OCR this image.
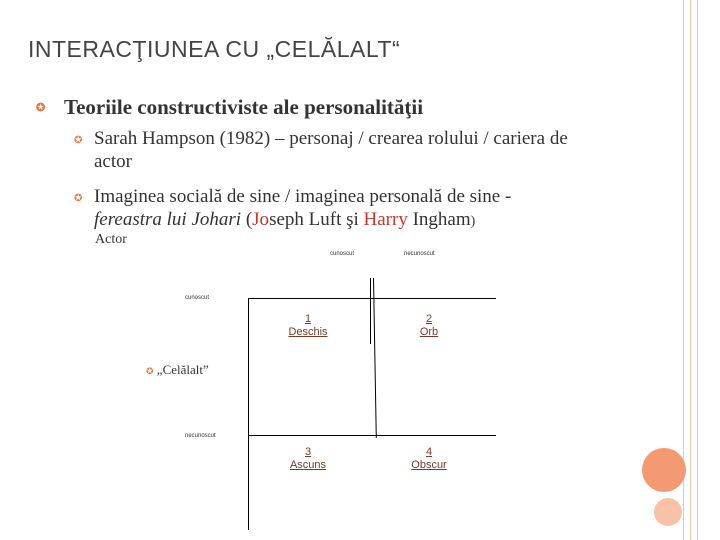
INTERACŢIUNEA CU „CELĂLALT“
✪ Teoriile constructiviste ale personalităţii
✪ Sarah Hampson (1982) – personaj / crearea rolului / cariera de
actor
✪ Imaginea socială de sine / imaginea personală de sine -
fereastra lui Johari (Joseph Luft şi Harry Ingham)
Actor
cunoscut	necunoscut
cunoscut
necunoscut
1
Deschis
2
Orb
3
Ascuns
4
Obscur
✪ „Celălalt”
